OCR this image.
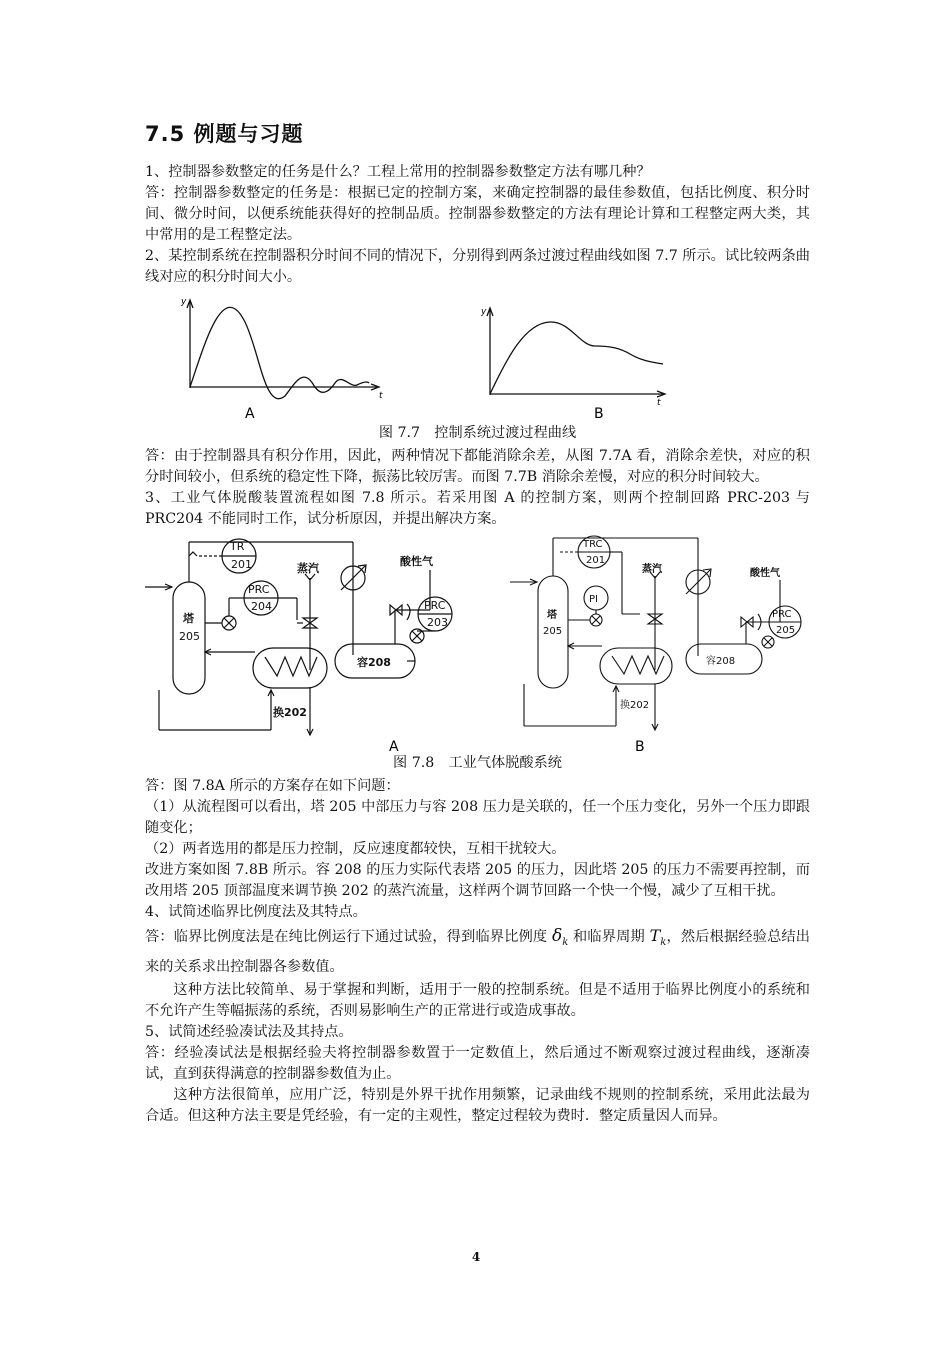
7.5 例题与习题

1、控制器参数整定的任务是什么？工程上常用的控制器参数整定方法有哪几种？

答：控制器参数整定的任务是：根据已定的控制方案，来确定控制器的最佳参数值，包括比例度、积分时间、微分时间，以便系统能获得好的控制品质。控制器参数整定的方法有理论计算和工程整定两大类，其中常用的是工程整定法。

2、某控制系统在控制器积分时间不同的情况下，分别得到两条过渡过程曲线如图 7.7 所示。试比较两条曲线对应的积分时间大小。

y
t
y
t
A	B
图 7.7　控制系统过渡过程曲线

答：由于控制器具有积分作用，因此，两种情况下都能消除余差，从图 7.7A 看，消除余差快，对应的积分时间较小，但系统的稳定性下降，振荡比较厉害。而图 7.7B 消除余差慢，对应的积分时间较大。

3、工业气体脱酸装置流程如图 7.8 所示。若采用图 A 的控制方案，则两个控制回路 PRC-203 与 PRC204 不能同时工作，试分析原因，并提出解决方案。

TR
201
PRC
204	PRC
203
塔
205
蒸汽
酸性气
容208
换202
TRC
201
PI
PRC
205
塔
205
蒸汽	酸性气
容208
换202
A	B
图 7.8　工业气体脱酸系统

答：图 7.8A 所示的方案存在如下问题：

（1）从流程图可以看出，塔 205 中部压力与容 208 压力是关联的，任一个压力变化，另外一个压力即跟随变化；

（2）两者选用的都是压力控制，反应速度都较快，互相干扰较大。

改进方案如图 7.8B 所示。容 208 的压力实际代表塔 205 的压力，因此塔 205 的压力不需要再控制，而改用塔 205 顶部温度来调节换 202 的蒸汽流量，这样两个调节回路一个快一个慢，减少了互相干扰。

4、试简述临界比例度法及其特点。

答：临界比例度法是在纯比例运行下通过试验，得到临界比例度 $\delta_k$ 和临界周期 $T_k$，然后根据经验总结出来的关系求出控制器各参数值。

这种方法比较简单、易于掌握和判断，适用于一般的控制系统。但是不适用于临界比例度小的系统和不允许产生等幅振荡的系统，否则易影响生产的正常进行或造成事故。

5、试简述经验凑试法及其持点。

答：经验凑试法是根据经验夫将控制器参数置于一定数值上，然后通过不断观察过渡过程曲线，逐渐凑试，直到获得满意的控制器参数值为止。

这种方法很简单，应用广泛，特别是外界干扰作用频繁，记录曲线不规则的控制系统，采用此法最为合适。但这种方法主要是凭经验，有一定的主观性，整定过程较为费时．整定质量因人而异。

4
